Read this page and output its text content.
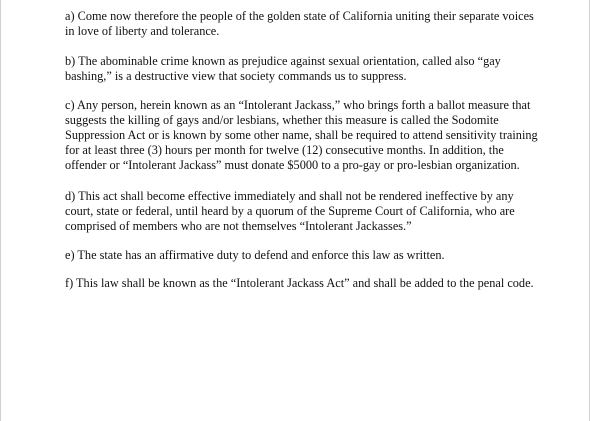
a) Come now therefore the people of the golden state of California uniting their separate voices
in love of liberty and tolerance.

b) The abominable crime known as prejudice against sexual orientation, called also “gay
bashing,” is a destructive view that society commands us to suppress.

c) Any person, herein known as an “Intolerant Jackass,” who brings forth a ballot measure that
suggests the killing of gays and/or lesbians, whether this measure is called the Sodomite
Suppression Act or is known by some other name, shall be required to attend sensitivity training
for at least three (3) hours per month for twelve (12) consecutive months. In addition, the
offender or “Intolerant Jackass” must donate $5000 to a pro-gay or pro-lesbian organization.

d) This act shall become effective immediately and shall not be rendered ineffective by any
court, state or federal, until heard by a quorum of the Supreme Court of California, who are
comprised of members who are not themselves “Intolerant Jackasses.”

e) The state has an affirmative duty to defend and enforce this law as written.

f) This law shall be known as the “Intolerant Jackass Act” and shall be added to the penal code.
